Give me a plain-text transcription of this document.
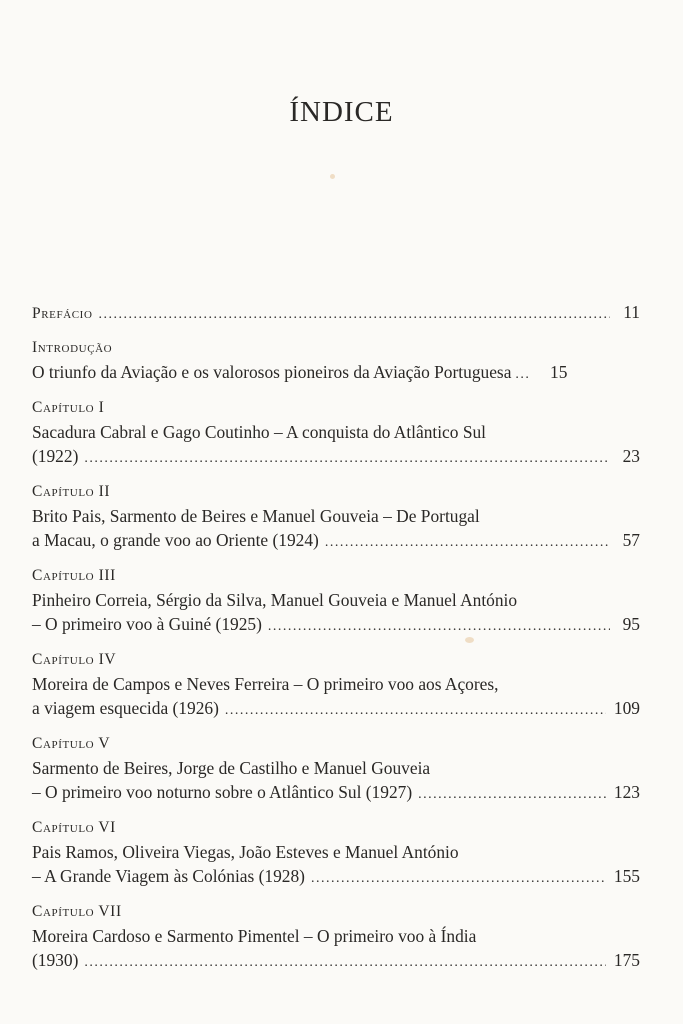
ÍNDICE
Prefácio .....	11
Introdução
O triunfo da Aviação e os valorosos pioneiros da Aviação Portuguesa ..... 15
Capítulo I
Sacadura Cabral e Gago Coutinho – A conquista do Atlântico Sul
(1922) .....	23
Capítulo II
Brito Pais, Sarmento de Beires e Manuel Gouveia – De Portugal
a Macau, o grande voo ao Oriente (1924) .....	57
Capítulo III
Pinheiro Correia, Sérgio da Silva, Manuel Gouveia e Manuel António
– O primeiro voo à Guiné (1925) .....	95
Capítulo IV
Moreira de Campos e Neves Ferreira – O primeiro voo aos Açores,
a viagem esquecida (1926) .....	109
Capítulo V
Sarmento de Beires, Jorge de Castilho e Manuel Gouveia
– O primeiro voo noturno sobre o Atlântico Sul (1927) .....	123
Capítulo VI
Pais Ramos, Oliveira Viegas, João Esteves e Manuel António
– A Grande Viagem às Colónias (1928) .....	155
Capítulo VII
Moreira Cardoso e Sarmento Pimentel – O primeiro voo à Índia
(1930) .....	175
